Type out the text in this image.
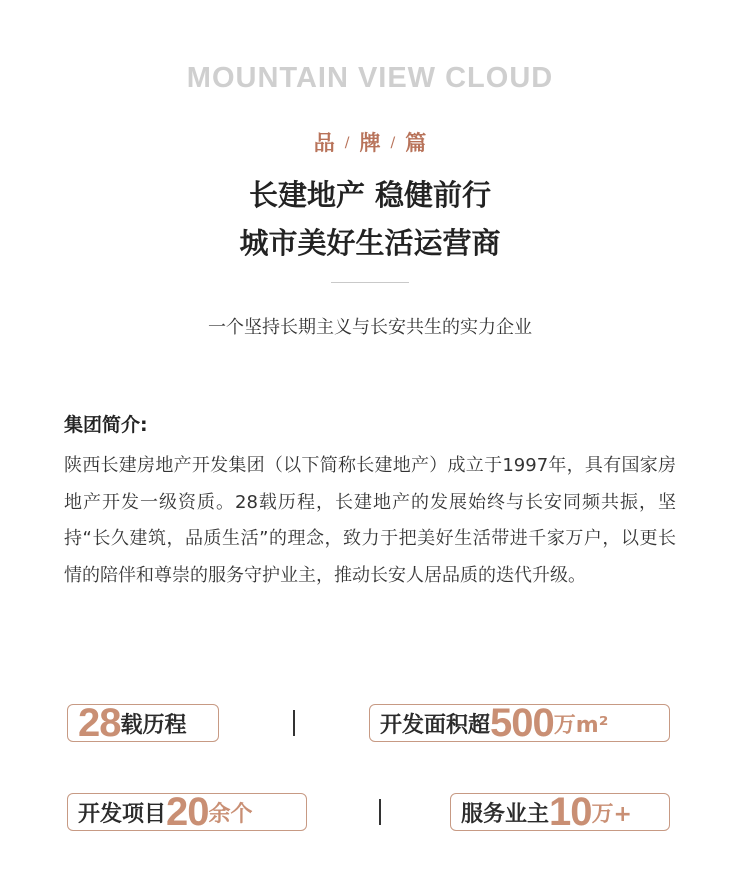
MOUNTAIN VIEW CLOUD
品 / 牌 / 篇
长建地产 稳健前行
城市美好生活运营商
一个坚持长期主义与长安共生的实力企业
集团简介:
陕西长建房地产开发集团（以下简称长建地产）成立于1997年，具有国家房地产开发一级资质。28载历程，长建地产的发展始终与长安同频共振，坚持“长久建筑，品质生活”的理念，致力于把美好生活带进千家万户，以更长情的陪伴和尊崇的服务守护业主，推动长安人居品质的迭代升级。
28 载历程	开发面积超 500 万m²
开发项目 20 余个	服务业主 10 万+
